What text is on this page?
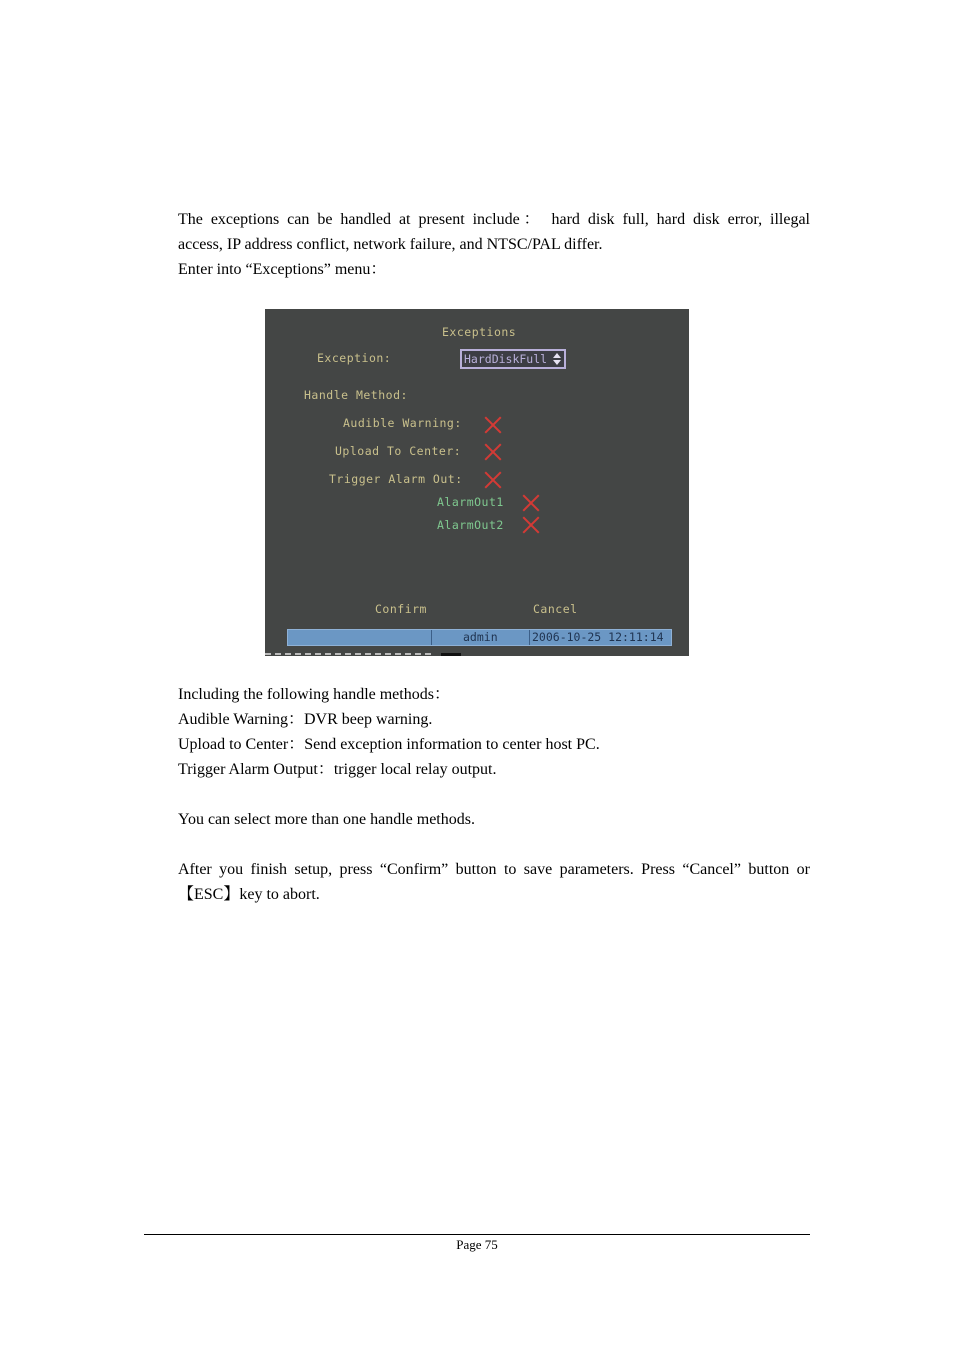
The exceptions can be handled at present include： hard disk full, hard disk error, illegal
access, IP address conflict, network failure, and NTSC/PAL differ.
Enter into “Exceptions” menu：
Exceptions
Exception:	HardDiskFull
Handle Method:
Audible Warning:
Upload To Center:
Trigger Alarm Out:
AlarmOut1
AlarmOut2
Confirm	Cancel
admin	2006-10-25 12:11:14
Including the following handle methods：
Audible Warning：DVR beep warning.
Upload to Center：Send exception information to center host PC.
Trigger Alarm Output：trigger local relay output.
You can select more than one handle methods.
After you finish setup, press “Confirm” button to save parameters. Press “Cancel” button or
【ESC】key to abort.
Page 75
